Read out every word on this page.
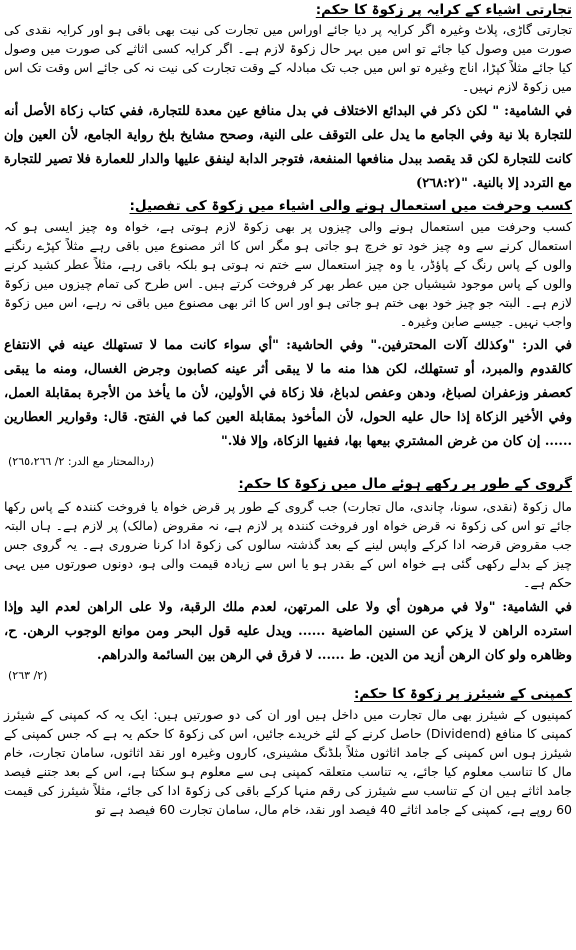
تجارتی اشیاء کے کرایہ پر زکوۃ کا حکم:

تجارتی گاڑی، پلاٹ وغیرہ اگر کرایہ پر دیا جائے اوراس میں تجارت کی نیت بھی باقی ہو اور کرایہ نقدی کی صورت میں وصول کیا جائے تو اس میں بہر حال زکوۃ لازم ہے۔ اگر کرایہ کسی اثاثے کی صورت میں وصول کیا جائے مثلاً کپڑا، اناج وغیرہ تو اس میں جب تک مبادلہ کے وقت تجارت کی نیت نہ کی جائے اس وقت تک اس میں زکوۃ لازم نہیں۔

في الشامية: " لكن ذكر في البدائع الاختلاف في بدل منافع عين معدة للتجارة، ففي كتاب زكاة الأصل أنه للتجارة بلا نية وفي الجامع ما يدل على التوقف على النية، وصحح مشايخ بلخ رواية الجامع، لأن العين وإن كانت للتجارة لكن قد يقصد ببدل منافعها المنفعة، فتوجر الدابة لينفق عليها والدار للعمارة فلا تصير للتجارة مع التردد إلا بالنية. "(٢٦٨:٢)

کسب وحرفت میں استعمال ہونے والی اشیاء میں زکوۃ کی تفصیل:

کسب وحرفت میں استعمال ہونے والی چیزوں پر بھی زکوۃ لازم ہوتی ہے، خواہ وہ چیز ایسی ہو کہ استعمال کرنے سے وہ چیز خود تو خرچ ہو جاتی ہو مگر اس کا اثر مصنوع میں باقی رہے مثلاً کپڑے رنگنے والوں کے پاس رنگ کے پاؤڈر، یا وہ چیز استعمال سے ختم نہ ہوتی ہو بلکہ باقی رہے، مثلاً عطر کشید کرنے والوں کے پاس موجود شیشیاں جن میں عطر بھر کر فروخت کرتے ہیں۔ اس طرح کی تمام چیزوں میں زکوۃ لازم ہے۔ البتہ جو چیز خود بھی ختم ہو جاتی ہو اور اس کا اثر بھی مصنوع میں باقی نہ رہے، اس میں زکوۃ واجب نہیں۔ جیسے صابن وغیرہ۔

في الدر: "وكذلك آلات المحترفين." وفي الحاشية: "أي سواء كانت مما لا تستهلك عينه في الانتفاع كالقدوم والمبرد، أو تستهلك، لكن هذا منه ما لا يبقى أثر عينه كصابون وجرض الغسال، ومنه ما يبقى كعصفر وزعفران لصباغ، ودهن وعفص لدباغ، فلا زكاة في الأولين، لأن ما يأخذ من الأجرة بمقابلة العمل، وفي الأخير الزكاة إذا حال عليه الحول، لأن المأخوذ بمقابلة العين كما في الفتح. قال: وقوارير العطارين ...... إن كان من غرض المشتري بيعها بها، ففيها الزكاة، وإلا فلا."

(ردالمحتار مع الدر: ٢/ ٢٦٥،٢٦٦)

گروی کے طور پر رکھے ہوئے مال میں زکوۃ کا حکم:

مال زکوۃ (نقدی، سونا، چاندی، مال تجارت) جب گروی کے طور پر قرض خواہ یا فروخت کنندہ کے پاس رکھا جائے تو اس کی زکوۃ نہ قرض خواہ اور فروخت کنندہ پر لازم ہے، نہ مقروض (مالک) پر لازم ہے۔ ہاں البتہ جب مقروض قرضہ ادا کرکے واپس لینے کے بعد گذشتہ سالوں کی زکوۃ ادا کرنا ضروری ہے۔ یہ گروی جس چیز کے بدلے رکھی گئی ہے خواہ اس کے بقدر ہو یا اس سے زیادہ قیمت والی ہو، دونوں صورتوں میں یہی حکم ہے۔

في الشامية: "ولا في مرهون أي ولا على المرتهن، لعدم ملك الرقبة، ولا على الراهن لعدم اليد وإذا استرده الراهن لا يزكي عن السنين الماضية ...... ويدل عليه قول البحر ومن موانع الوجوب الرهن. ح، وظاهره ولو كان الرهن أزيد من الدين. ط ...... لا فرق في الرهن بين السائمة والدراهم.

(٢/ ٢٦٣)

کمپنی کے شیئرز پر زکوۃ کا حکم:

کمپنیوں کے شیئرز بھی مال تجارت میں داخل ہیں اور ان کی دو صورتیں ہیں: ایک یہ کہ کمپنی کے شیئرز کمپنی کا منافع (Dividend) حاصل کرنے کے لئے خریدے جائیں، اس کی زکوۃ کا حکم یہ ہے کہ جس کمپنی کے شیئرز ہوں اس کمپنی کے جامد اثاثوں مثلاً بلڈنگ مشینری، کاروں وغیرہ اور نقد اثاثوں، سامان تجارت، خام مال کا تناسب معلوم کیا جائے، یہ تناسب متعلقہ کمپنی ہی سے معلوم ہو سکتا ہے، اس کے بعد جتنے فیصد جامد اثاثے ہیں ان کے تناسب سے شیئرز کی رقم منہا کرکے باقی کی زکوۃ ادا کی جائے، مثلاً شیئرز کی قیمت 60 روپے ہے، کمپنی کے جامد اثاثے 40 فیصد اور نقد، خام مال، سامان تجارت 60 فیصد ہے تو
